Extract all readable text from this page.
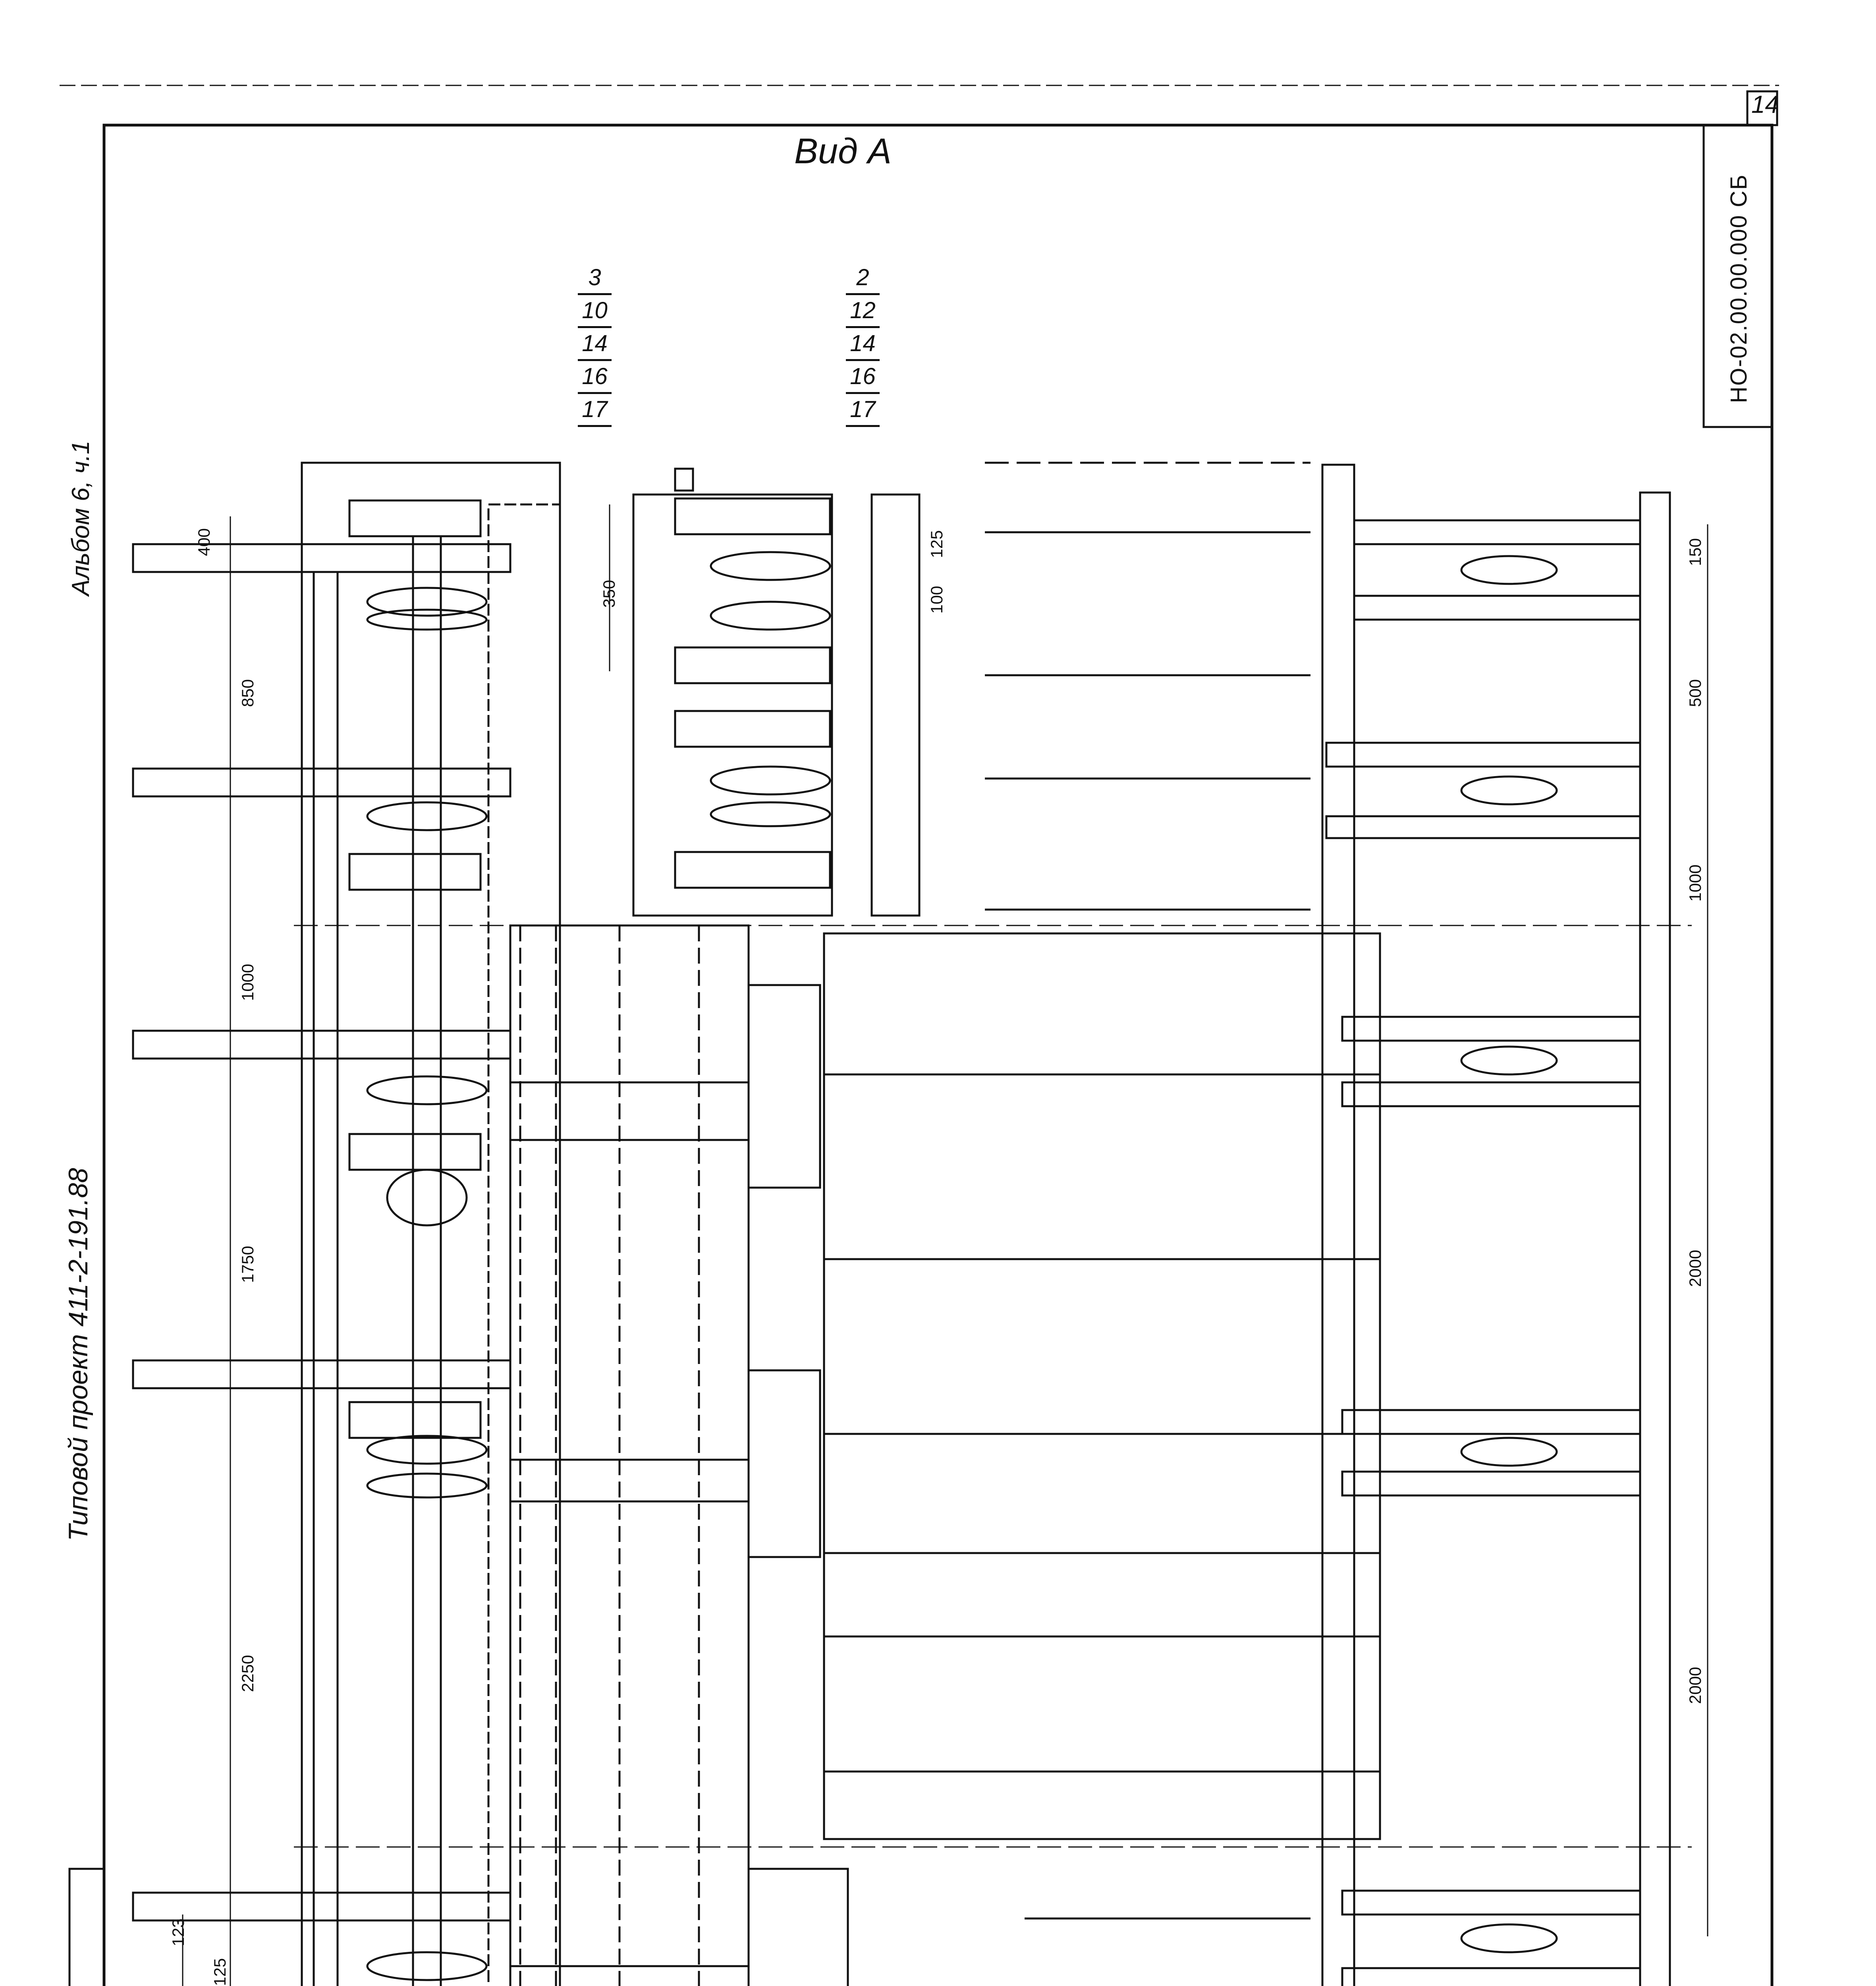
14
Вид А
НО-02.00.00.000 СБ
Типовой проект 411-2-191.88
Альбом 6, ч.1
3
10
14
16
17
2
12
14
16
17
400
850
1000
1750
2250
123
125
350
125
100
150
500
1000
2000
2000
